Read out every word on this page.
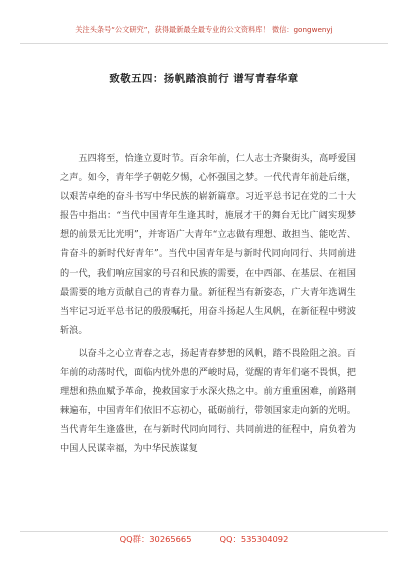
关注头条号“公文研究”，获得最新最全最专业的公文资料库！ 微信：gongwenyj
致敬五四：扬帆踏浪前行 谱写青春华章

五四将至，恰逢立夏时节。百余年前，仁人志士齐聚街头，高呼爱国之声。如今，青年学子朝乾夕惕，心怀强国之梦。一代代青年前赴后继，以艰苦卓绝的奋斗书写中华民族的崭新篇章。习近平总书记在党的二十大报告中指出：“当代中国青年生逢其时，施展才干的舞台无比广阔实现梦想的前景无比光明”，并寄语广大青年“立志做有理想、敢担当、能吃苦、肯奋斗的新时代好青年”。当代中国青年是与新时代同向同行、共同前进的一代，我们响应国家的号召和民族的需要，在中西部、在基层、在祖国最需要的地方贡献自己的青春力量。新征程当有新姿态，广大青年选调生当牢记习近平总书记的殷殷嘱托，用奋斗扬起人生风帆，在新征程中劈波斩浪。

以奋斗之心立青春之志，扬起青春梦想的风帆，踏不畏险阻之浪。百年前的动荡时代，面临内忧外患的严峻时局，觉醒的青年们毫不畏惧，把理想和热血赋予革命，挽救国家于水深火热之中。前方重重困难，前路荆棘遍布，中国青年们依旧不忘初心，砥砺前行，带领国家走向新的光明。当代青年生逢盛世，在与新时代同向同行、共同前进的征程中，肩负着为中国人民谋幸福，为中华民族谋复

QQ群：30265665	QQ：535304092
